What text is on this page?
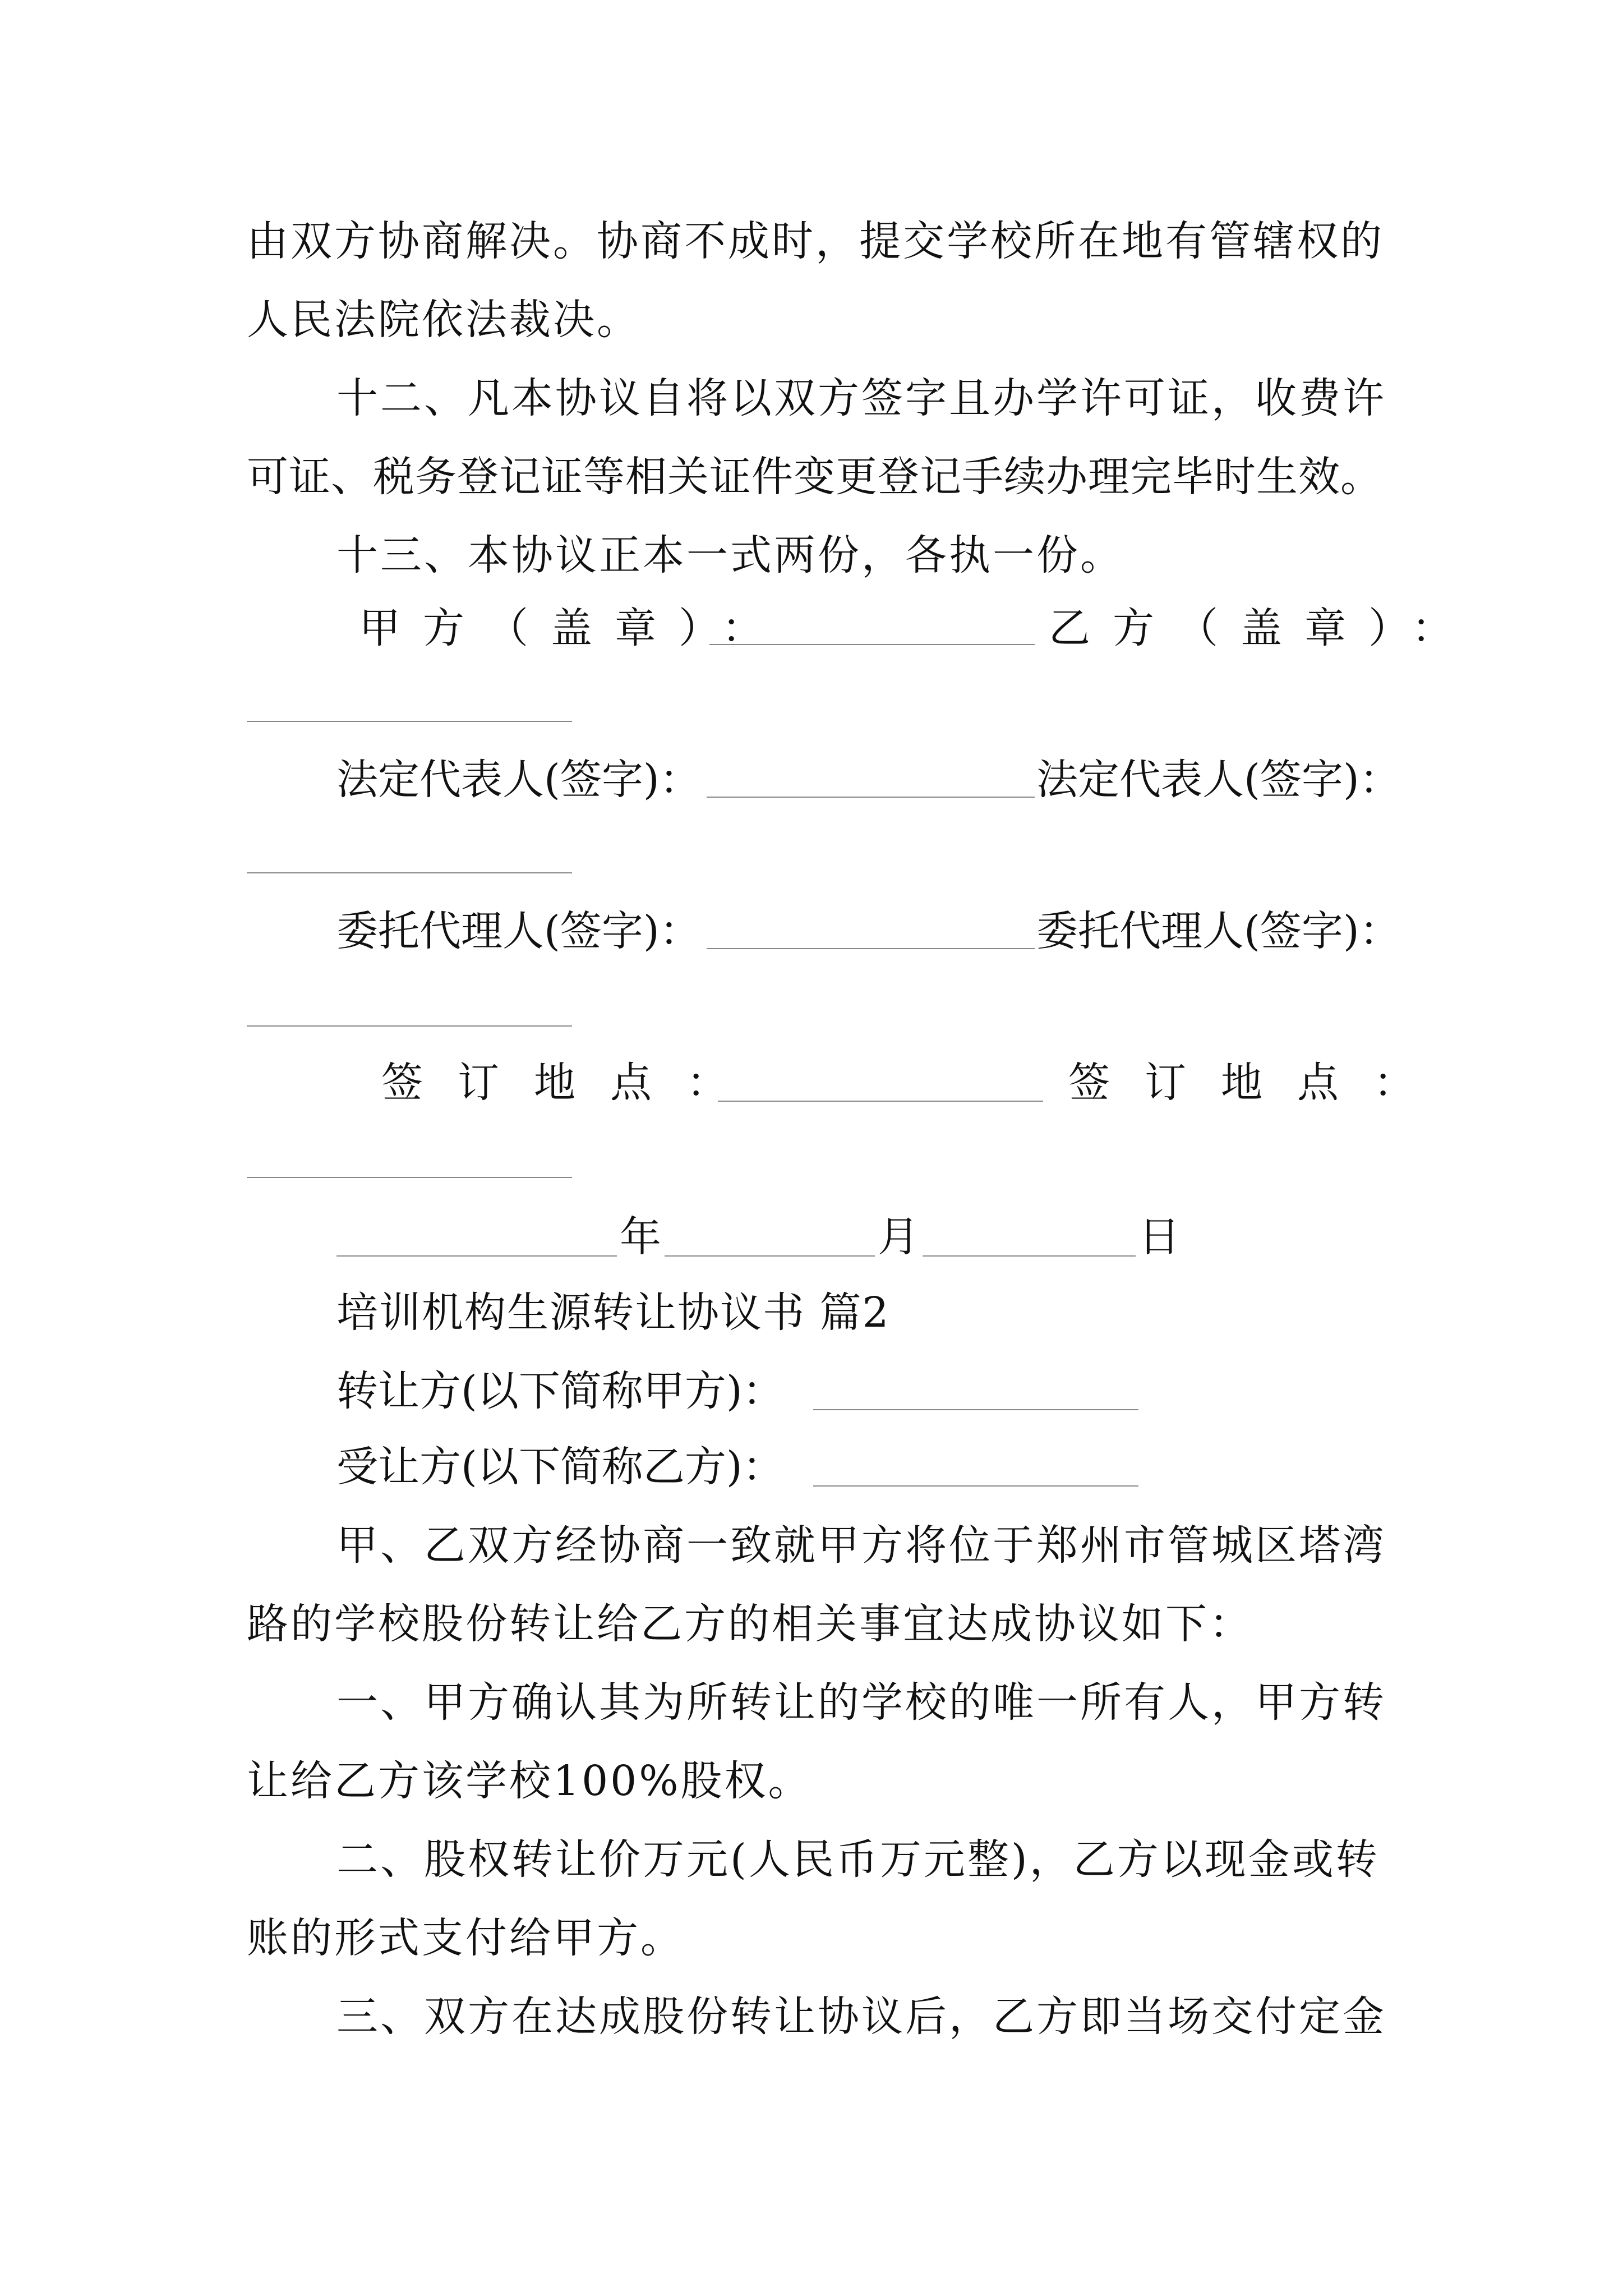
由双方协商解决。协商不成时，提交学校所在地有管辖权的
人民法院依法裁决。
十二、凡本协议自将以双方签字且办学许可证，收费许
可证、税务登记证等相关证件变更登记手续办理完毕时生效。
十三、本协议正本一式两份，各执一份。
甲方（盖章）：	乙方（盖章）：
法定代表人(签字)：	法定代表人(签字)：
委托代理人(签字)：	委托代理人(签字)：
签订地点：	签订地点：
年	月	日
培训机构生源转让协议书 篇2
转让方(以下简称甲方)：
受让方(以下简称乙方)：
甲、乙双方经协商一致就甲方将位于郑州市管城区塔湾
路的学校股份转让给乙方的相关事宜达成协议如下：
一、甲方确认其为所转让的学校的唯一所有人，甲方转
让给乙方该学校100%股权。
二、股权转让价万元(人民币万元整)，乙方以现金或转
账的形式支付给甲方。
三、双方在达成股份转让协议后，乙方即当场交付定金
